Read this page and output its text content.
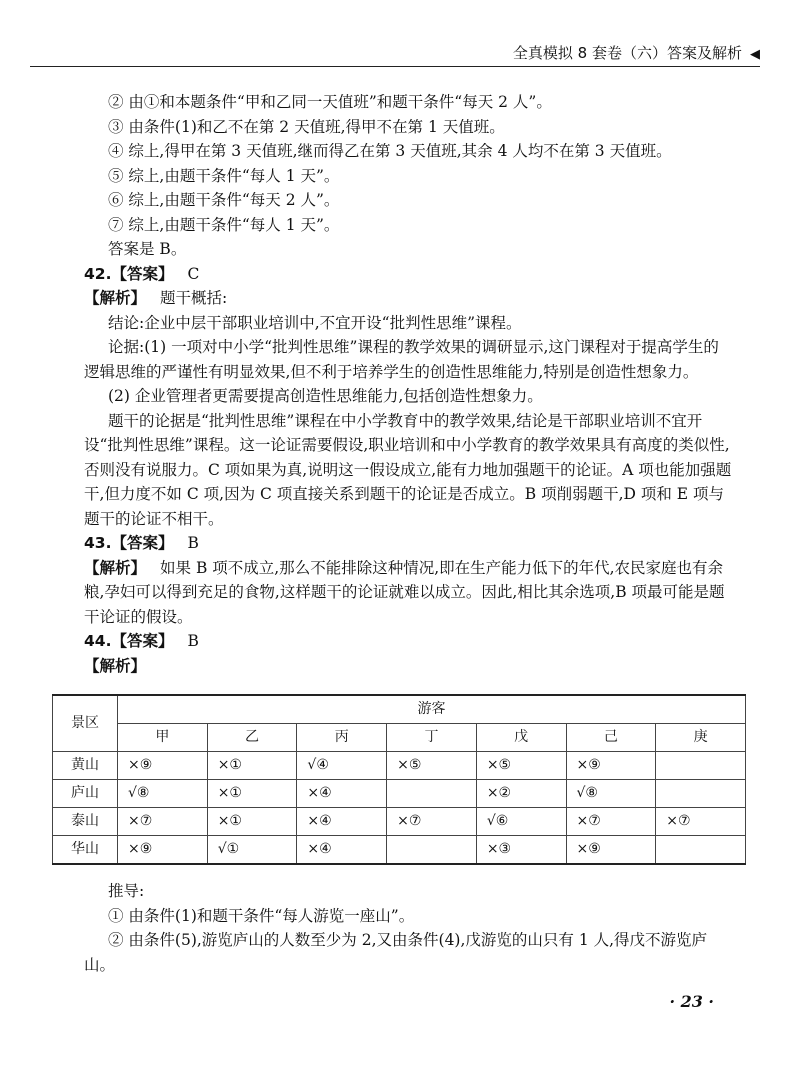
全真模拟 8 套卷（六）答案及解析 ◀

② 由①和本题条件“甲和乙同一天值班”和题干条件“每天 2 人”。

③ 由条件(1)和乙不在第 2 天值班,得甲不在第 1 天值班。

④ 综上,得甲在第 3 天值班,继而得乙在第 3 天值班,其余 4 人均不在第 3 天值班。

⑤ 综上,由题干条件“每人 1 天”。

⑥ 综上,由题干条件“每天 2 人”。

⑦ 综上,由题干条件“每人 1 天”。

答案是 B。

42.【答案】 C

【解析】 题干概括:

结论:企业中层干部职业培训中,不宜开设“批判性思维”课程。

论据:(1) 一项对中小学“批判性思维”课程的教学效果的调研显示,这门课程对于提高学生的逻辑思维的严谨性有明显效果,但不利于培养学生的创造性思维能力,特别是创造性想象力。

(2) 企业管理者更需要提高创造性思维能力,包括创造性想象力。

题干的论据是“批判性思维”课程在中小学教育中的教学效果,结论是干部职业培训不宜开设“批判性思维”课程。这一论证需要假设,职业培训和中小学教育的教学效果具有高度的类似性,否则没有说服力。C 项如果为真,说明这一假设成立,能有力地加强题干的论证。A 项也能加强题干,但力度不如 C 项,因为 C 项直接关系到题干的论证是否成立。B 项削弱题干,D 项和 E 项与题干的论证不相干。

43.【答案】 B

【解析】 如果 B 项不成立,那么不能排除这种情况,即在生产能力低下的年代,农民家庭也有余粮,孕妇可以得到充足的食物,这样题干的论证就难以成立。因此,相比其余选项,B 项最可能是题干论证的假设。

44.【答案】 B

【解析】

景区	游客						
	甲	乙	丙	丁	戊	己	庚
黄山	×⑨	×①	√④	×⑤	×⑤	×⑨	
庐山	√⑧	×①	×④		×②	√⑧	
泰山	×⑦	×①	×④	×⑦	√⑥	×⑦	×⑦
华山	×⑨	√①	×④		×③	×⑨	

推导:

① 由条件(1)和题干条件“每人游览一座山”。

② 由条件(5),游览庐山的人数至少为 2,又由条件(4),戊游览的山只有 1 人,得戊不游览庐山。

· 23 ·
